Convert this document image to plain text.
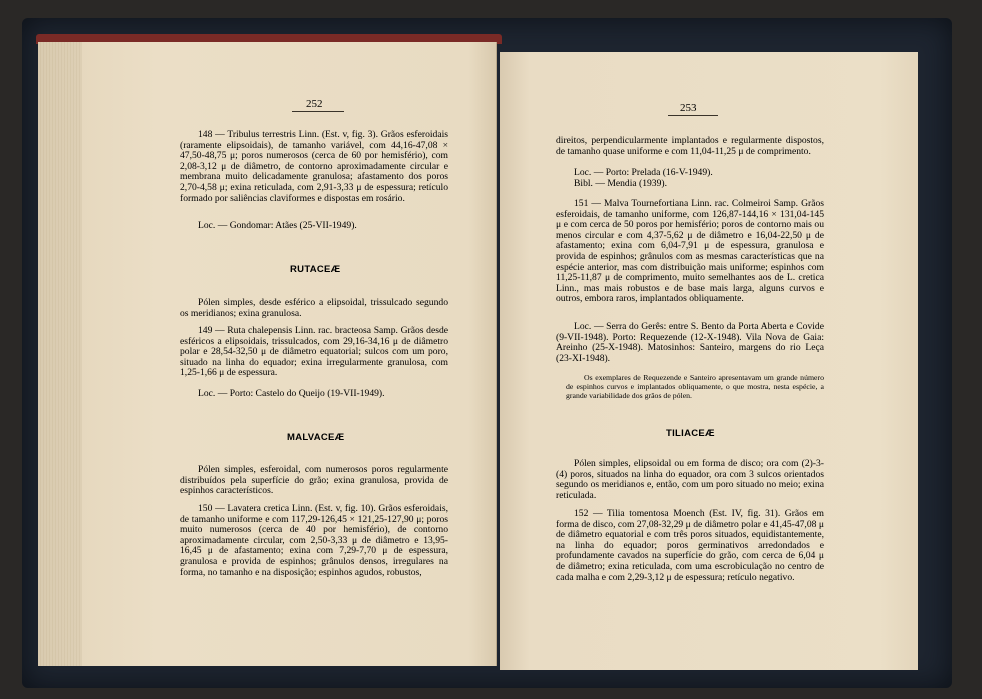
252

148 — Tribulus terrestris Linn. (Est. v, fig. 3). Grãos esferoidais (raramente elipsoidais), de tamanho variável, com 44,16-47,08 × 47,50-48,75 μ; poros numerosos (cerca de 60 por hemisfério), com 2,08-3,12 μ de diâmetro, de contorno aproximadamente circular e membrana muito delicadamente granulosa; afastamento dos poros 2,70-4,58 μ; exina reticulada, com 2,91-3,33 μ de espessura; retículo formado por saliências claviformes e dispostas em rosário.

Loc. — Gondomar: Atães (25-VII-1949).

RUTACEÆ

Pólen simples, desde esférico a elipsoidal, trissulcado segundo os meridianos; exina granulosa.

149 — Ruta chalepensis Linn. rac. bracteosa Samp. Grãos desde esféricos a elipsoidais, trissulcados, com 29,16-34,16 μ de diâmetro polar e 28,54-32,50 μ de diâmetro equatorial; sulcos com um poro, situado na linha do equador; exina irregularmente granulosa, com 1,25-1,66 μ de espessura.

Loc. — Porto: Castelo do Queijo (19-VII-1949).

MALVACEÆ

Pólen simples, esferoidal, com numerosos poros regularmente distribuídos pela superfície do grão; exina granulosa, provida de espinhos característicos.

150 — Lavatera cretica Linn. (Est. v, fig. 10). Grãos esferoidais, de tamanho uniforme e com 117,29-126,45 × 121,25-127,90 μ; poros muito numerosos (cerca de 40 por hemisfério), de contorno aproximadamente circular, com 2,50-3,33 μ de diâmetro e 13,95-16,45 μ de afastamento; exina com 7,29-7,70 μ de espessura, granulosa e provida de espinhos; grânulos densos, irregulares na forma, no tamanho e na disposição; espinhos agudos, robustos,

253

direitos, perpendicularmente implantados e regularmente dispostos, de tamanho quase uniforme e com 11,04-11,25 μ de comprimento.

Loc. — Porto: Prelada (16-V-1949).

Bibl. — Mendia (1939).

151 — Malva Tournefortiana Linn. rac. Colmeiroi Samp. Grãos esferoidais, de tamanho uniforme, com 126,87-144,16 × 131,04-145 μ e com cerca de 50 poros por hemisfério; poros de contorno mais ou menos circular e com 4,37-5,62 μ de diâmetro e 16,04-22,50 μ de afastamento; exina com 6,04-7,91 μ de espessura, granulosa e provida de espinhos; grânulos com as mesmas características que na espécie anterior, mas com distribuição mais uniforme; espinhos com 11,25-11,87 μ de comprimento, muito semelhantes aos de L. cretica Linn., mas mais robustos e de base mais larga, alguns curvos e outros, embora raros, implantados obliquamente.

Loc. — Serra do Gerês: entre S. Bento da Porta Aberta e Covide (9-VII-1948). Porto: Requezende (12-X-1948). Vila Nova de Gaia: Areinho (25-X-1948). Matosinhos: Santeiro, margens do rio Leça (23-XI-1948).

Os exemplares de Requezende e Santeiro apresentavam um grande número de espinhos curvos e implantados obliquamente, o que mostra, nesta espécie, a grande variabilidade dos grãos de pólen.

TILIACEÆ

Pólen simples, elipsoidal ou em forma de disco; ora com (2)-3-(4) poros, situados na linha do equador, ora com 3 sulcos orientados segundo os meridianos e, então, com um poro situado no meio; exina reticulada.

152 — Tilia tomentosa Moench (Est. IV, fig. 31). Grãos em forma de disco, com 27,08-32,29 μ de diâmetro polar e 41,45-47,08 μ de diâmetro equatorial e com três poros situados, equidistantemente, na linha do equador; poros germinativos arredondados e profundamente cavados na superfície do grão, com cerca de 6,04 μ de diâmetro; exina reticulada, com uma escrobiculação no centro de cada malha e com 2,29-3,12 μ de espessura; retículo negativo.
